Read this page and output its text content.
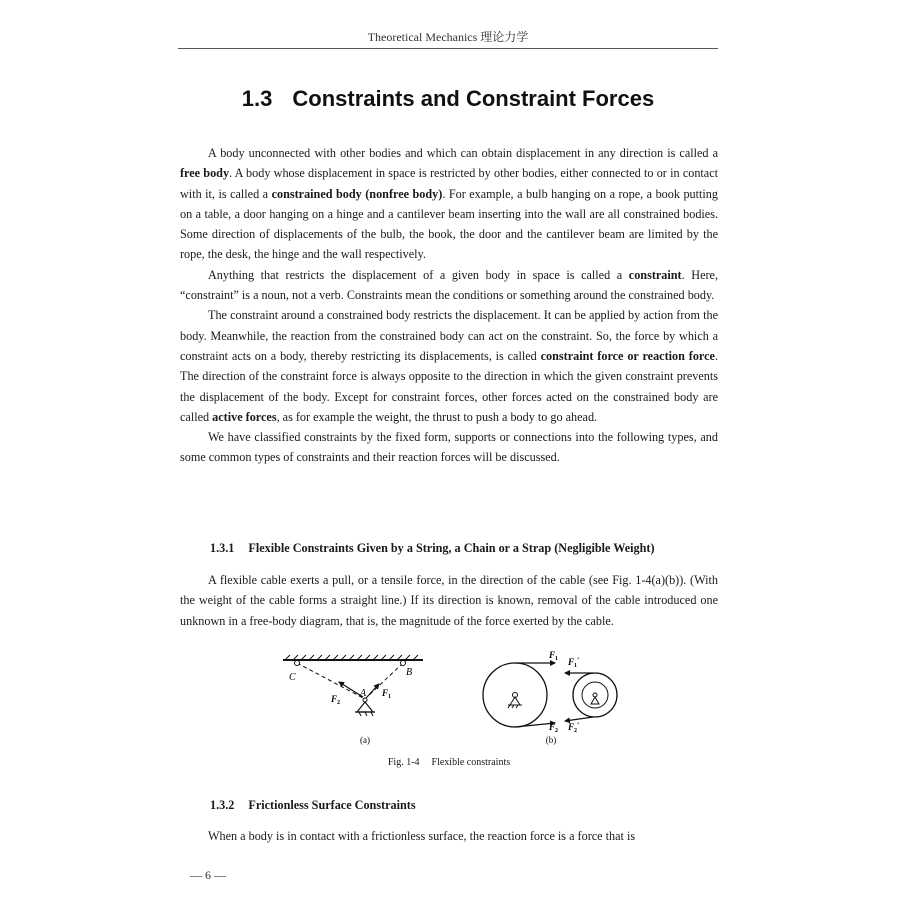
Theoretical Mechanics 理论力学
1.3 Constraints and Constraint Forces

A body unconnected with other bodies and which can obtain displacement in any direction is called a free body. A body whose displacement in space is restricted by other bodies, either connected to or in contact with it, is called a constrained body (nonfree body). For example, a bulb hanging on a rope, a book putting on a table, a door hanging on a hinge and a cantilever beam inserting into the wall are all constrained bodies. Some direction of displacements of the bulb, the book, the door and the cantilever beam are limited by the rope, the desk, the hinge and the wall respectively.

Anything that restricts the displacement of a given body in space is called a constraint. Here, “constraint” is a noun, not a verb. Constraints mean the conditions or something around the constrained body.

The constraint around a constrained body restricts the displacement. It can be applied by action from the body. Meanwhile, the reaction from the constrained body can act on the constraint. So, the force by which a constraint acts on a body, thereby restricting its displacements, is called constraint force or reaction force. The direction of the constraint force is always opposite to the direction in which the given constraint prevents the displacement of the body. Except for constraint forces, other forces acted on the constrained body are called active forces, as for example the weight, the thrust to push a body to go ahead.

We have classified constraints by the fixed form, supports or connections into the following types, and some common types of constraints and their reaction forces will be discussed.

1.3.1 Flexible Constraints Given by a String, a Chain or a Strap (Negligible Weight)

A flexible cable exerts a pull, or a tensile force, in the direction of the cable (see Fig. 1-4(a)(b)). (With the weight of the cable forms a straight line.) If its direction is known, removal of the cable introduced one unknown in a free-body diagram, that is, the magnitude of the force exerted by the cable.

C	B
A
$F_2$
$F_1$
(a)
$F_1$ $F_1'$
$F_2$ $F_2'$
(b)
Fig. 1-4 Flexible constraints
1.3.2 Frictionless Surface Constraints

When a body is in contact with a frictionless surface, the reaction force is a force that is

— 6 —
